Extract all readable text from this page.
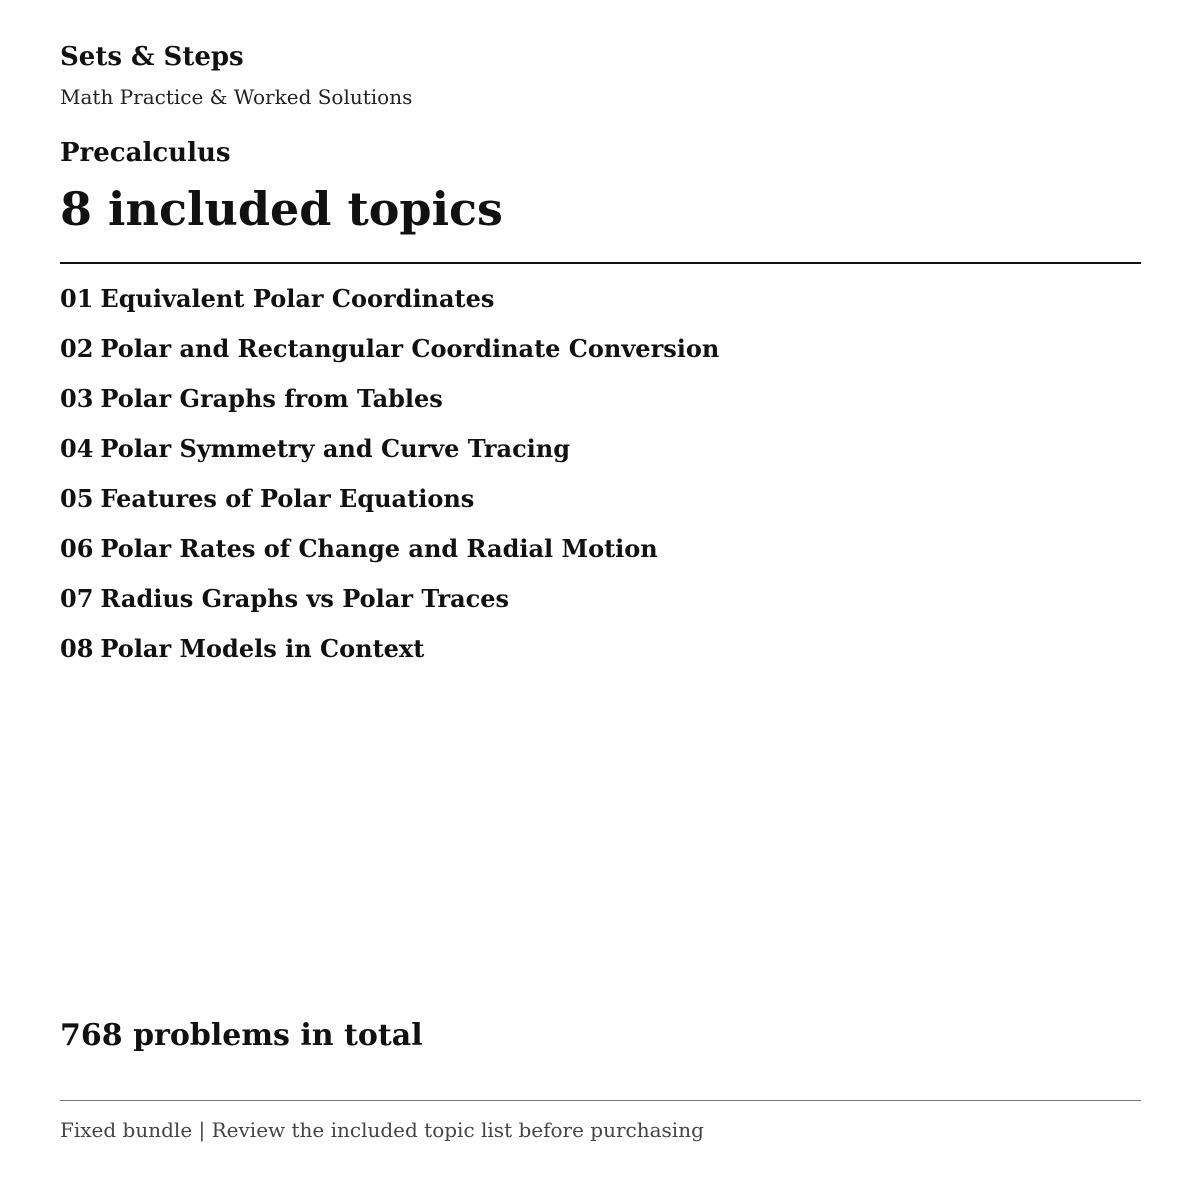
Sets & Steps
Math Practice & Worked Solutions
Precalculus
8 included topics
01 Equivalent Polar Coordinates
02 Polar and Rectangular Coordinate Conversion
03 Polar Graphs from Tables
04 Polar Symmetry and Curve Tracing
05 Features of Polar Equations
06 Polar Rates of Change and Radial Motion
07 Radius Graphs vs Polar Traces
08 Polar Models in Context
768 problems in total
Fixed bundle | Review the included topic list before purchasing
